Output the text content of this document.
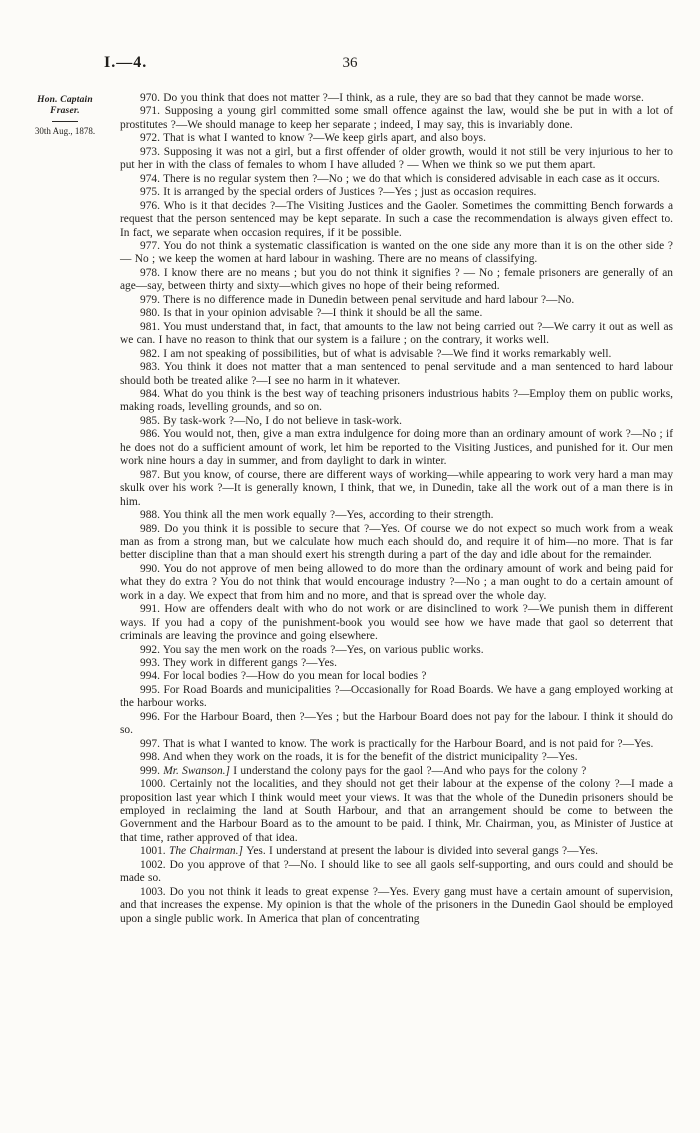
I.—4.	36
Hon. Captain
Fraser.
30th Aug., 1878.

970. Do you think that does not matter ?—I think, as a rule, they are so bad that they cannot be made worse.

971. Supposing a young girl committed some small offence against the law, would she be put in with a lot of prostitutes ?—We should manage to keep her separate ; indeed, I may say, this is invariably done.

972. That is what I wanted to know ?—We keep girls apart, and also boys.

973. Supposing it was not a girl, but a first offender of older growth, would it not still be very injurious to her to put her in with the class of females to whom I have alluded ? — When we think so we put them apart.

974. There is no regular system then ?—No ; we do that which is considered advisable in each case as it occurs.

975. It is arranged by the special orders of Justices ?—Yes ; just as occasion requires.

976. Who is it that decides ?—The Visiting Justices and the Gaoler. Sometimes the committing Bench forwards a request that the person sentenced may be kept separate. In such a case the recommendation is always given effect to. In fact, we separate when occasion requires, if it be possible.

977. You do not think a systematic classification is wanted on the one side any more than it is on the other side ? — No ; we keep the women at hard labour in washing. There are no means of classifying.

978. I know there are no means ; but you do not think it signifies ? — No ; female prisoners are generally of an age—say, between thirty and sixty—which gives no hope of their being reformed.

979. There is no difference made in Dunedin between penal servitude and hard labour ?—No.

980. Is that in your opinion advisable ?—I think it should be all the same.

981. You must understand that, in fact, that amounts to the law not being carried out ?—We carry it out as well as we can. I have no reason to think that our system is a failure ; on the contrary, it works well.

982. I am not speaking of possibilities, but of what is advisable ?—We find it works remarkably well.

983. You think it does not matter that a man sentenced to penal servitude and a man sentenced to hard labour should both be treated alike ?—I see no harm in it whatever.

984. What do you think is the best way of teaching prisoners industrious habits ?—Employ them on public works, making roads, levelling grounds, and so on.

985. By task-work ?—No, I do not believe in task-work.

986. You would not, then, give a man extra indulgence for doing more than an ordinary amount of work ?—No ; if he does not do a sufficient amount of work, let him be reported to the Visiting Justices, and punished for it. Our men work nine hours a day in summer, and from daylight to dark in winter.

987. But you know, of course, there are different ways of working—while appearing to work very hard a man may skulk over his work ?—It is generally known, I think, that we, in Dunedin, take all the work out of a man there is in him.

988. You think all the men work equally ?—Yes, according to their strength.

989. Do you think it is possible to secure that ?—Yes. Of course we do not expect so much work from a weak man as from a strong man, but we calculate how much each should do, and require it of him—no more. That is far better discipline than that a man should exert his strength during a part of the day and idle about for the remainder.

990. You do not approve of men being allowed to do more than the ordinary amount of work and being paid for what they do extra ? You do not think that would encourage industry ?—No ; a man ought to do a certain amount of work in a day. We expect that from him and no more, and that is spread over the whole day.

991. How are offenders dealt with who do not work or are disinclined to work ?—We punish them in different ways. If you had a copy of the punishment-book you would see how we have made that gaol so deterrent that criminals are leaving the province and going elsewhere.

992. You say the men work on the roads ?—Yes, on various public works.

993. They work in different gangs ?—Yes.

994. For local bodies ?—How do you mean for local bodies ?

995. For Road Boards and municipalities ?—Occasionally for Road Boards. We have a gang employed working at the harbour works.

996. For the Harbour Board, then ?—Yes ; but the Harbour Board does not pay for the labour. I think it should do so.

997. That is what I wanted to know. The work is practically for the Harbour Board, and is not paid for ?—Yes.

998. And when they work on the roads, it is for the benefit of the district municipality ?—Yes.

999. Mr. Swanson.] I understand the colony pays for the gaol ?—And who pays for the colony ?

1000. Certainly not the localities, and they should not get their labour at the expense of the colony ?—I made a proposition last year which I think would meet your views. It was that the whole of the Dunedin prisoners should be employed in reclaiming the land at South Harbour, and that an arrangement should be come to between the Government and the Harbour Board as to the amount to be paid. I think, Mr. Chairman, you, as Minister of Justice at that time, rather approved of that idea.

1001. The Chairman.] Yes. I understand at present the labour is divided into several gangs ?—Yes.

1002. Do you approve of that ?—No. I should like to see all gaols self-supporting, and ours could and should be made so.

1003. Do you not think it leads to great expense ?—Yes. Every gang must have a certain amount of supervision, and that increases the expense. My opinion is that the whole of the prisoners in the Dunedin Gaol should be employed upon a single public work. In America that plan of concentrating
